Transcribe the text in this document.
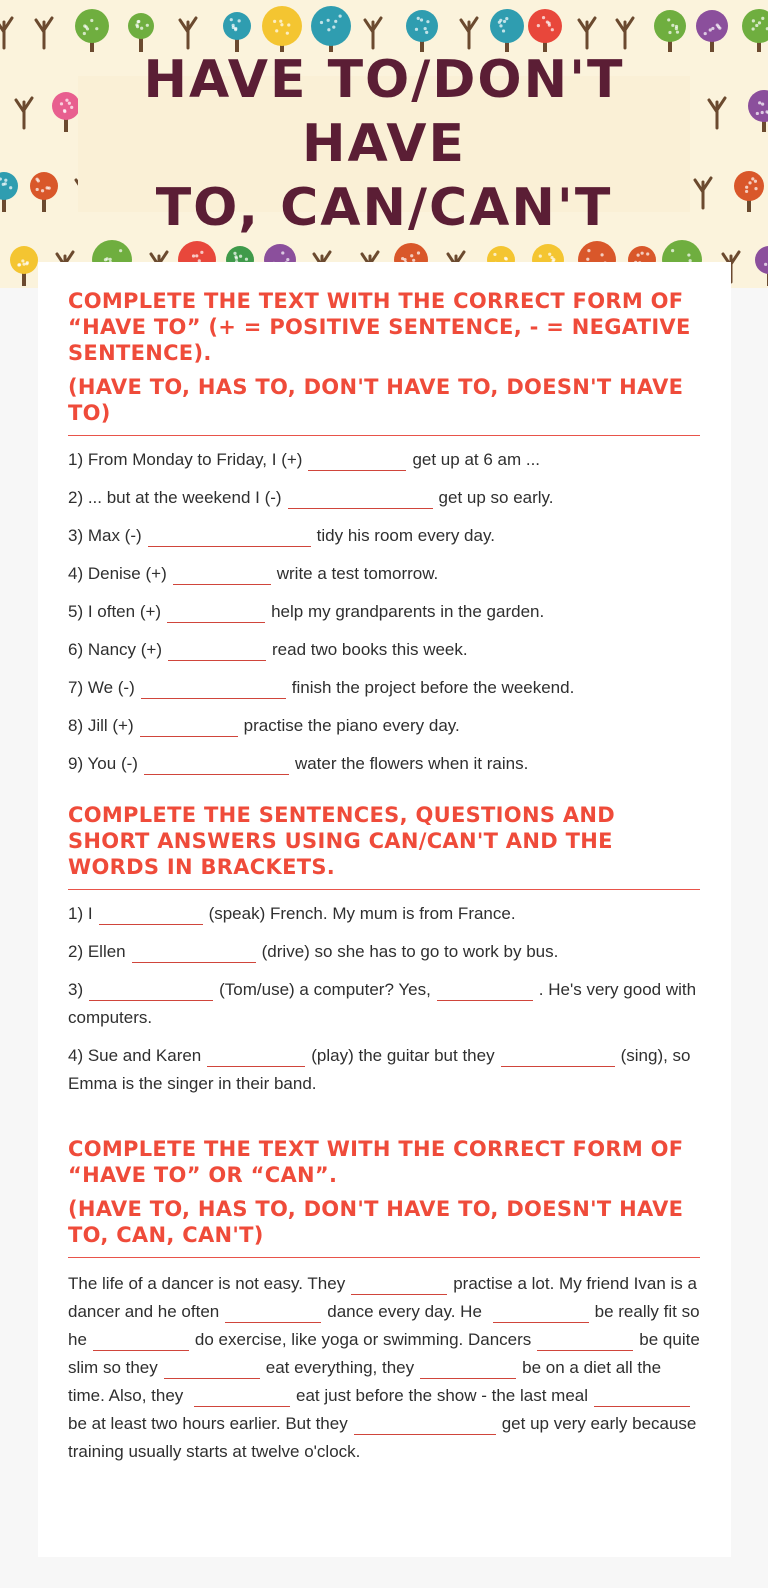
HAVE TO/DON'T HAVE
TO, CAN/CAN'T

COMPLETE THE TEXT WITH THE CORRECT FORM OF “HAVE TO” (+ = POSITIVE SENTENCE, - = NEGATIVE SENTENCE).

(HAVE TO, HAS TO, DON'T HAVE TO, DOESN'T HAVE TO)

1) From Monday to Friday, I (+)	get up at 6 am ...
2) ... but at the weekend I (-)	get up so early.
3) Max (-)	tidy his room every day.
4) Denise (+)	write a test tomorrow.
5) I often (+)	help my grandparents in the garden.
6) Nancy (+)	read two books this week.
7) We (-)	finish the project before the weekend.
8) Jill (+)	practise the piano every day.
9) You (-)	water the flowers when it rains.

COMPLETE THE SENTENCES, QUESTIONS AND SHORT ANSWERS USING CAN/CAN'T AND THE WORDS IN BRACKETS.

1) I	(speak) French. My mum is from France.
2) Ellen	(drive) so she has to go to work by bus.
3)	(Tom/use) a computer? Yes,	. He's very good with computers.
4) Sue and Karen	(play) the guitar but they	(sing), so Emma is the singer in their band.

COMPLETE THE TEXT WITH THE CORRECT FORM OF “HAVE TO” OR “CAN”.

(HAVE TO, HAS TO, DON'T HAVE TO, DOESN'T HAVE TO, CAN, CAN'T)

The life of a dancer is not easy. They	practise a lot. My friend Ivan is a dancer and he often	dance every day. He	be really fit so he	do exercise, like yoga or swimming. Dancers	be quite slim so they	eat everything, they	be on a diet all the time. Also, they	eat just before the show - the last mealbe at least two hours earlier. But they	get up very early because training usually starts at twelve o'clock.
